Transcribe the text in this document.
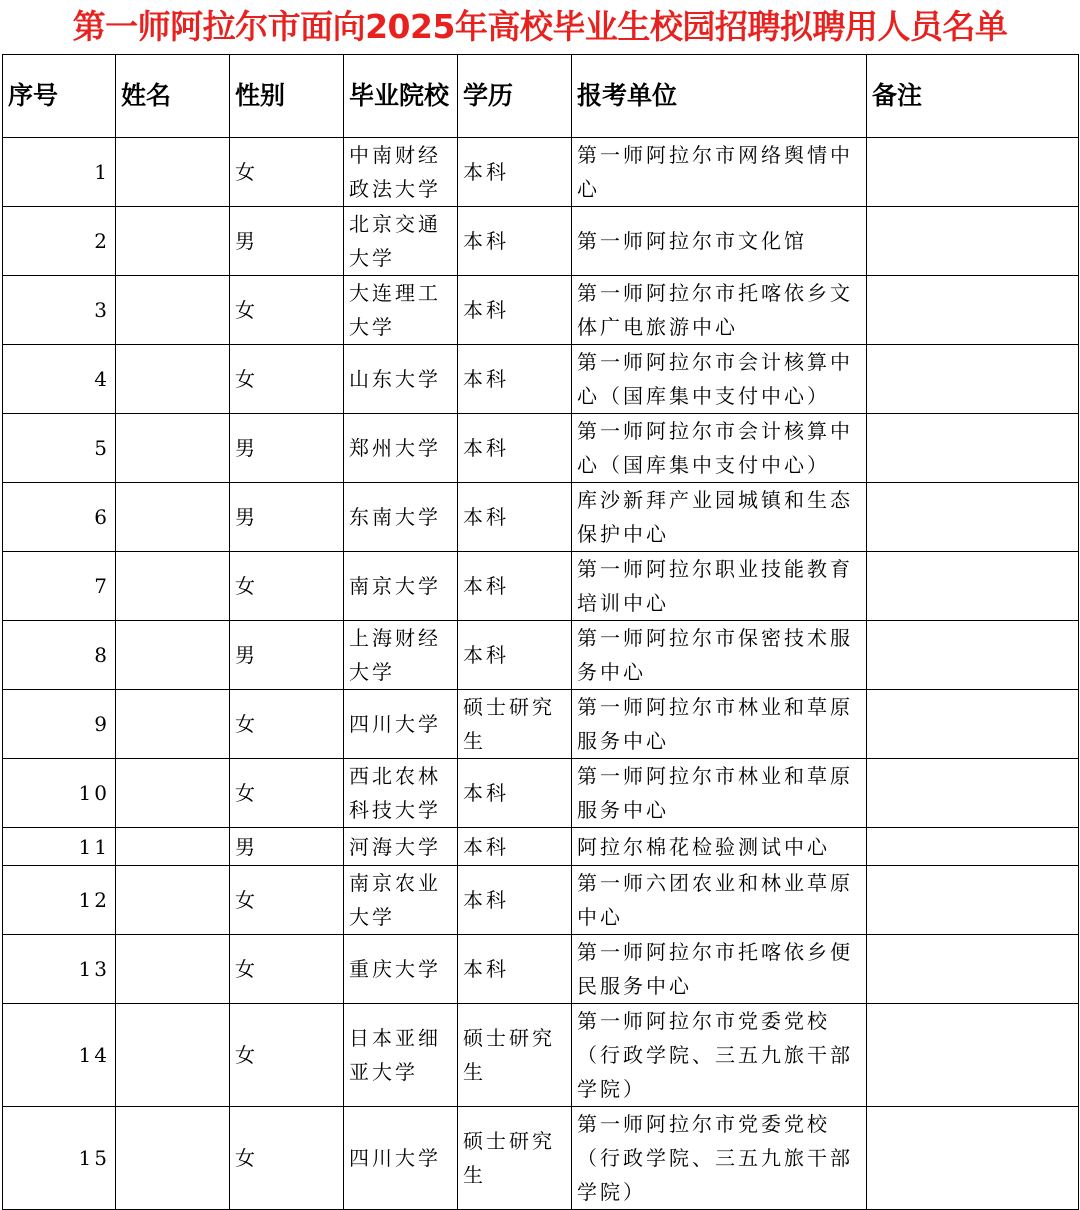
第一师阿拉尔市面向2025年高校毕业生校园招聘拟聘用人员名单
序号	姓名	性别	毕业院校	学历	报考单位	备注
1		女	中南财经政法大学	本科	第一师阿拉尔市网络舆情中心	
2		男	北京交通大学	本科	第一师阿拉尔市文化馆	
3		女	大连理工大学	本科	第一师阿拉尔市托喀依乡文体广电旅游中心	
4		女	山东大学	本科	第一师阿拉尔市会计核算中心（国库集中支付中心）	
5		男	郑州大学	本科	第一师阿拉尔市会计核算中心（国库集中支付中心）	
6		男	东南大学	本科	库沙新拜产业园城镇和生态保护中心	
7		女	南京大学	本科	第一师阿拉尔职业技能教育培训中心	
8		男	上海财经大学	本科	第一师阿拉尔市保密技术服务中心	
9		女	四川大学	硕士研究生	第一师阿拉尔市林业和草原服务中心	
10		女	西北农林科技大学	本科	第一师阿拉尔市林业和草原服务中心	
11		男	河海大学	本科	阿拉尔棉花检验测试中心	
12		女	南京农业大学	本科	第一师六团农业和林业草原中心	
13		女	重庆大学	本科	第一师阿拉尔市托喀依乡便民服务中心	
14		女	日本亚细亚大学	硕士研究生	第一师阿拉尔市党委党校（行政学院、三五九旅干部学院）	
15		女	四川大学	硕士研究生	第一师阿拉尔市党委党校（行政学院、三五九旅干部学院）	
